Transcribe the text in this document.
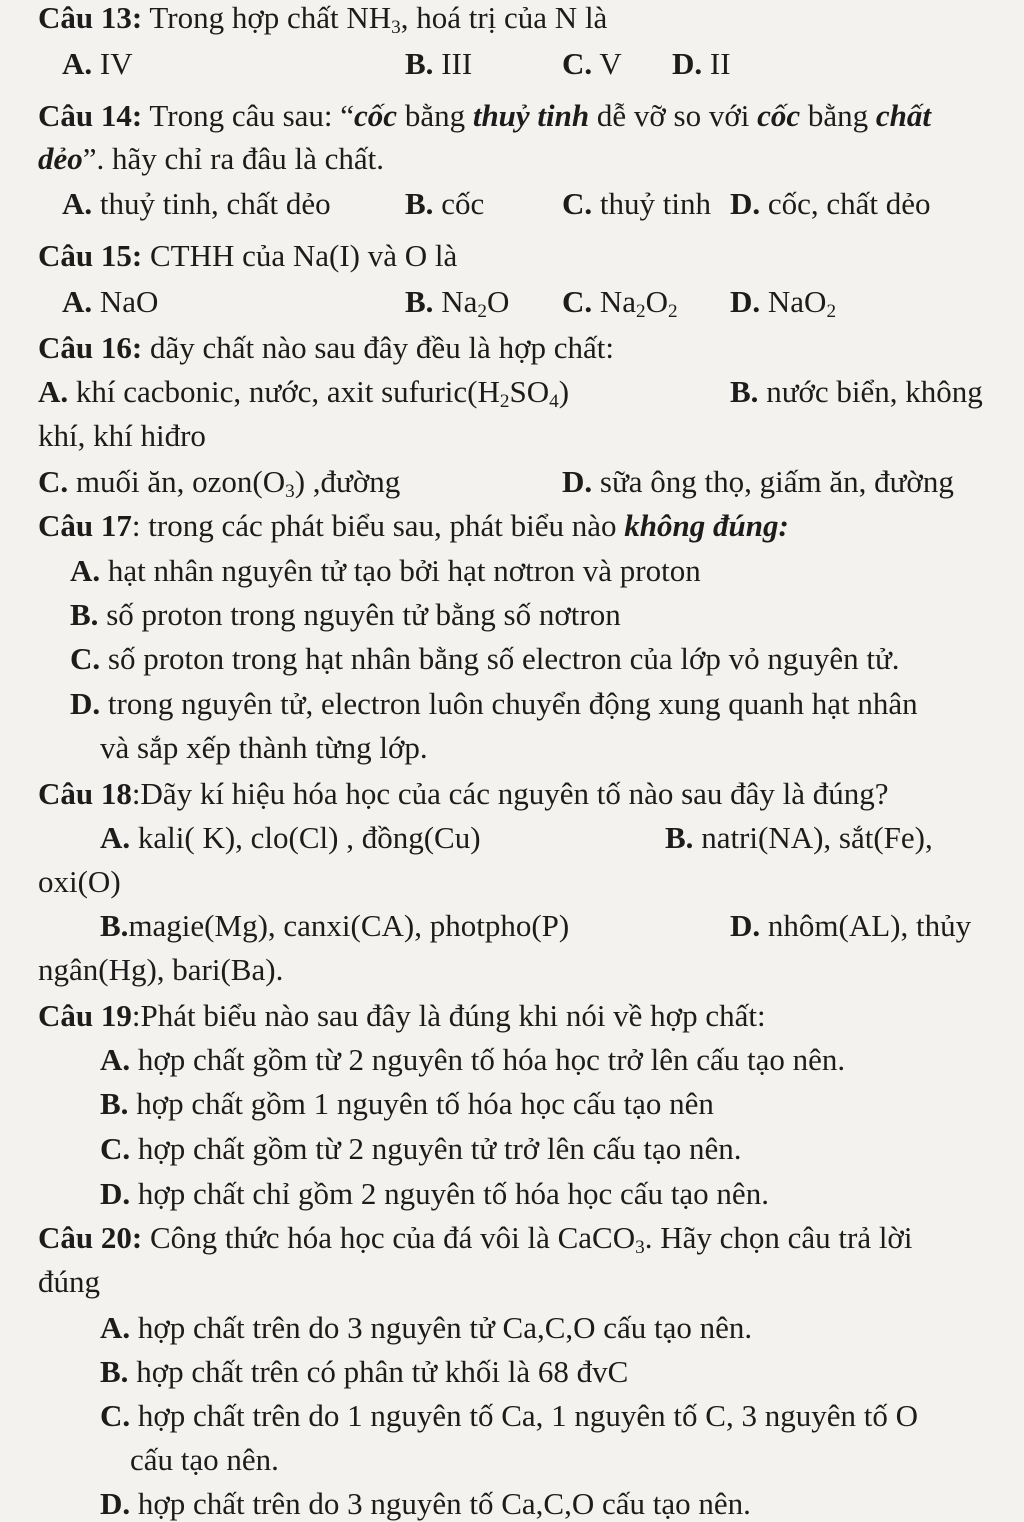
Câu 13: Trong hợp chất $NH_3$, hoá trị của N là
A. IV	B. III	C. V D. II
Câu 14: Trong câu sau: “cốc bằng thuỷ tinh dễ vỡ so với cốc bằng chất
dẻo”. hãy chỉ ra đâu là chất.
A. thuỷ tinh, chất dẻo B. cốc	C. thuỷ tinh D. cốc, chất dẻo
Câu 15: CTHH của Na(I) và O là
A. NaO	B. $Na_2O$ C. $Na_2O_2$ D. NaO$_2$
Câu 16: dãy chất nào sau đây đều là hợp chất:
A. khí cacbonic, nước, axit $sufuric(H_2SO_4)$	B. nước biển, không
khí, khí hiđro
C. muối ăn, $ozon(O_3)$ ,đường	D. sữa ông thọ, giấm ăn, đường
Câu 17: trong các phát biểu sau, phát biểu nào không đúng:
A. hạt nhân nguyên tử tạo bởi hạt nơtron và proton
B. số proton trong nguyên tử bằng số nơtron
C. số proton trong hạt nhân bằng số electron của lớp vỏ nguyên tử.
D. trong nguyên tử, electron luôn chuyển động xung quanh hạt nhân
và sắp xếp thành từng lớp.
Câu 18:Dãy kí hiệu hóa học của các nguyên tố nào sau đây là đúng?
A. kali( K), clo(Cl) , đồng(Cu)	B. natri(NA), sắt(Fe),
oxi(O)
B.magie(Mg), canxi(CA), photpho(P)	D. nhôm(AL), thủy
ngân(Hg), bari(Ba).
Câu 19:Phát biểu nào sau đây là đúng khi nói về hợp chất:
A. hợp chất gồm từ 2 nguyên tố hóa học trở lên cấu tạo nên.
B. hợp chất gồm 1 nguyên tố hóa học cấu tạo nên
C. hợp chất gồm từ 2 nguyên tử trở lên cấu tạo nên.
D. hợp chất chỉ gồm 2 nguyên tố hóa học cấu tạo nên.
Câu 20: Công thức hóa học của đá vôi là CaCO$_3$. Hãy chọn câu trả lời
đúng
A. hợp chất trên do 3 nguyên tử Ca,C,O cấu tạo nên.
B. hợp chất trên có phân tử khối là 68 đvC
C. hợp chất trên do 1 nguyên tố Ca, 1 nguyên tố C, 3 nguyên tố O
cấu tạo nên.
D. hợp chất trên do 3 nguyên tố Ca,C,O cấu tạo nên.
